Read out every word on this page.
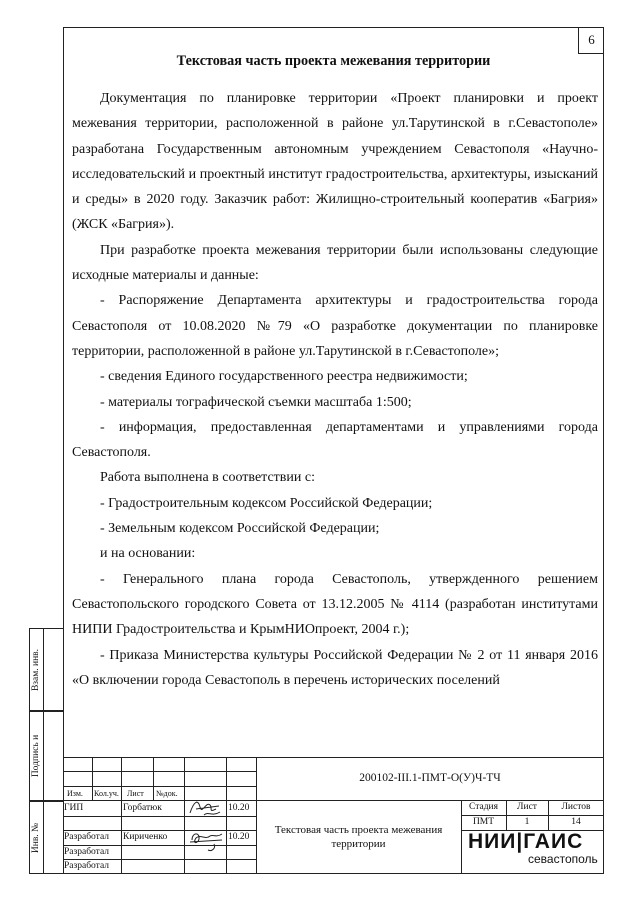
6
Текстовая часть проекта межевания территории

Документация по планировке территории «Проект планировки и проект межевания территории, расположенной в районе ул.Тарутинской в г.Севастополе» разработана Государственным автономным учреждением Севастополя «Научно-исследовательский и проектный институт градостроительства, архитектуры, изысканий и среды» в 2020 году. Заказчик работ: Жилищно-строительный кооператив «Багрия» (ЖСК «Багрия»).

При разработке проекта межевания территории были использованы следующие исходные материалы и данные:

- Распоряжение Департамента архитектуры и градостроительства города Севастополя от 10.08.2020 №79 «О разработке документации по планировке территории, расположенной в районе ул.Тарутинской в г.Севастополе»;

- сведения Единого государственного реестра недвижимости;

- материалы тографической съемки масштаба 1:500;

- информация, предоставленная департаментами и управлениями города Севастополя.

Работа выполнена в соответствии с:

- Градостроительным кодексом Российской Федерации;

- Земельным кодексом Российской Федерации;

и на основании:

- Генерального плана города Севастополь, утвержденного решением Севастопольского городского Совета от 13.12.2005 № 4114 (разработан институтами НИПИ Градостроительства и КрымНИОпроект, 2004 г.);

- Приказа Министерства культуры Российской Федерации № 2 от 11 января 2016 «О включении города Севастополь в перечень исторических поселений

Взам. инв.
Подпись и
Инв. №
Изм. Кол.уч. Лист №док.
ГИП	Горбатюк	10.20
Разработал Кириченко	10.20
Разработал
Разработал
200102-III.1-ПМТ-О(У)Ч-ТЧ
Текстовая часть проекта межевания территории
Стадия	Лист	Листов
ПМТ	1	14
НИИ|ГАИС
севастополь
